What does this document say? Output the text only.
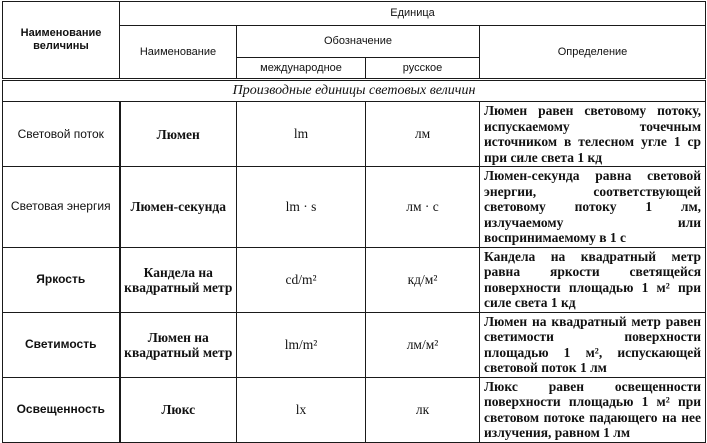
Наименование величины	Единица			
	Наименование	Обозначение		Определение
		международное	русское	
Производные единицы световых величин				
Световой поток	Люмен	lm	лм	Люмен равен световому потоку, испускаемому точечным источником в телесном угле 1 ср при силе света 1 кд
Световая энергия	Люмен-секунда	lm · s	лм · с	Люмен-секунда равна световой энергии, соответствующей световому потоку 1 лм, излучаемому или воспринимаемому в 1 с
Яркость	Кандела на квадратный метр	cd/m²	кд/м²	Кандела на квадратный метр равна яркости светящейся поверхности площадью 1 м² при силе света 1 кд
Светимость	Люмен на квадратный метр	lm/m²	лм/м²	Люмен на квадратный метр равен светимости поверхности площадью 1 м², испускающей световой поток 1 лм
Освещенность	Люкс	lx	лк	Люкс равен освещенности поверхности площадью 1 м² при световом потоке падающего на нее излучения, равном 1 лм
